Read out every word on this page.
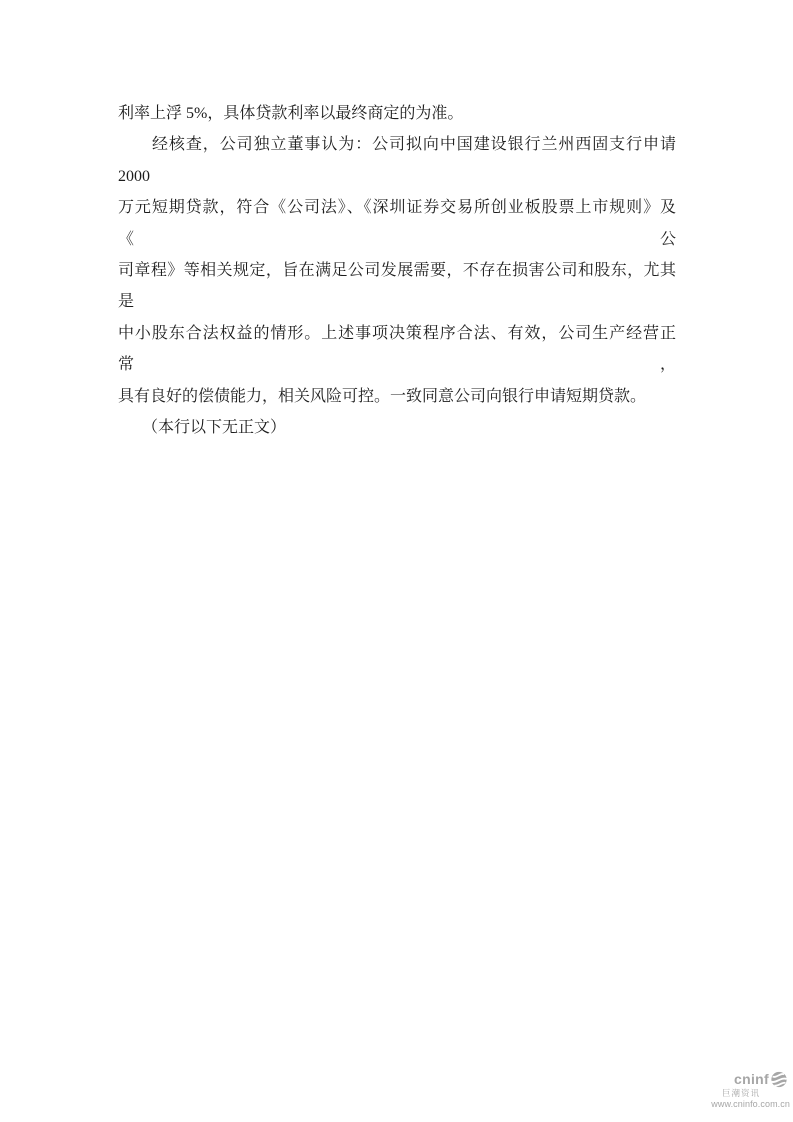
利率上浮 5%，具体贷款利率以最终商定的为准。
经核查，公司独立董事认为：公司拟向中国建设银行兰州西固支行申请 2000
万元短期贷款，符合《公司法》、《深圳证券交易所创业板股票上市规则》及《公
司章程》等相关规定，旨在满足公司发展需要，不存在损害公司和股东，尤其是
中小股东合法权益的情形。上述事项决策程序合法、有效，公司生产经营正常，
具有良好的偿债能力，相关风险可控。一致同意公司向银行申请短期贷款。
（本行以下无正文）
cninf
巨潮资讯
www.cninfo.com.cn
